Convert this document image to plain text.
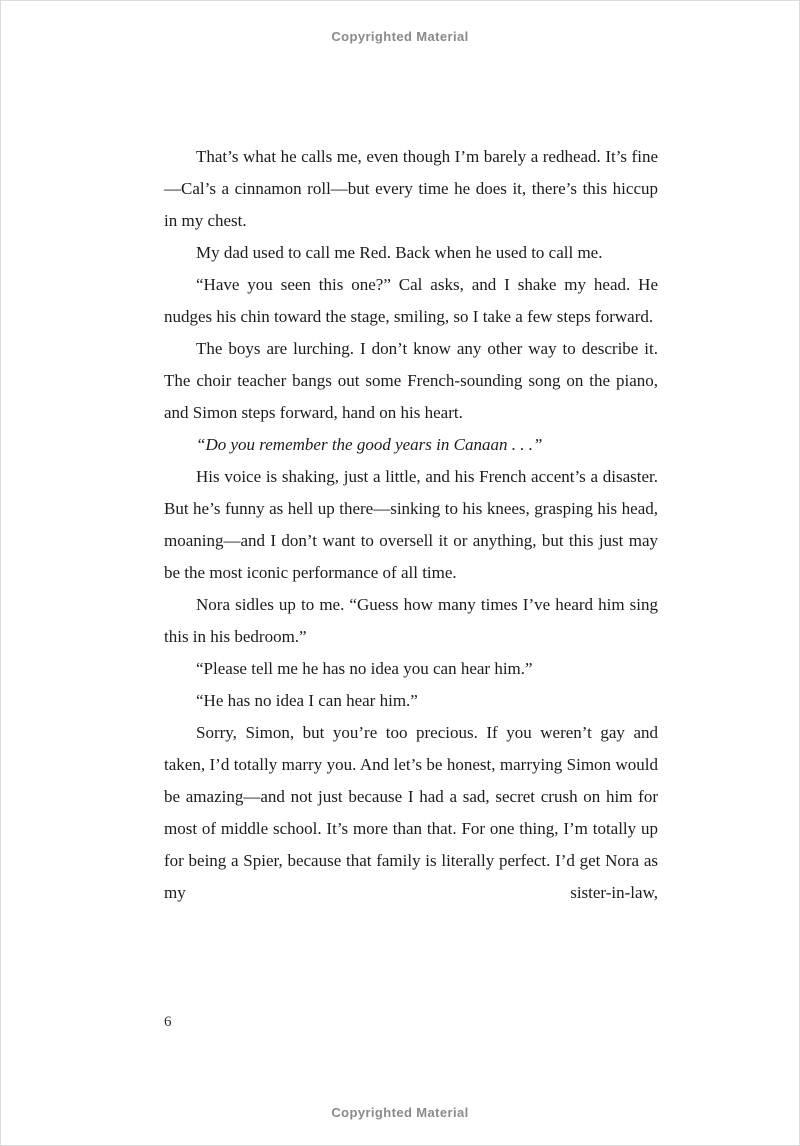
Copyrighted Material

That’s what he calls me, even though I’m barely a redhead. It’s fine—Cal’s a cinnamon roll—but every time he does it, there’s this hiccup in my chest.

My dad used to call me Red. Back when he used to call me.

“Have you seen this one?” Cal asks, and I shake my head. He nudges his chin toward the stage, smiling, so I take a few steps forward.

The boys are lurching. I don’t know any other way to describe it. The choir teacher bangs out some French-sounding song on the piano, and Simon steps forward, hand on his heart.

“Do you remember the good years in Canaan . . .”

His voice is shaking, just a little, and his French accent’s a disaster. But he’s funny as hell up there—sinking to his knees, grasping his head, moaning—and I don’t want to oversell it or anything, but this just may be the most iconic performance of all time.

Nora sidles up to me. “Guess how many times I’ve heard him sing this in his bedroom.”

“Please tell me he has no idea you can hear him.”

“He has no idea I can hear him.”

Sorry, Simon, but you’re too precious. If you weren’t gay and taken, I’d totally marry you. And let’s be honest, marrying Simon would be amazing—and not just because I had a sad, secret crush on him for most of middle school. It’s more than that. For one thing, I’m totally up for being a Spier, because that family is literally perfect. I’d get Nora as my sister-in-law,

6
Copyrighted Material
